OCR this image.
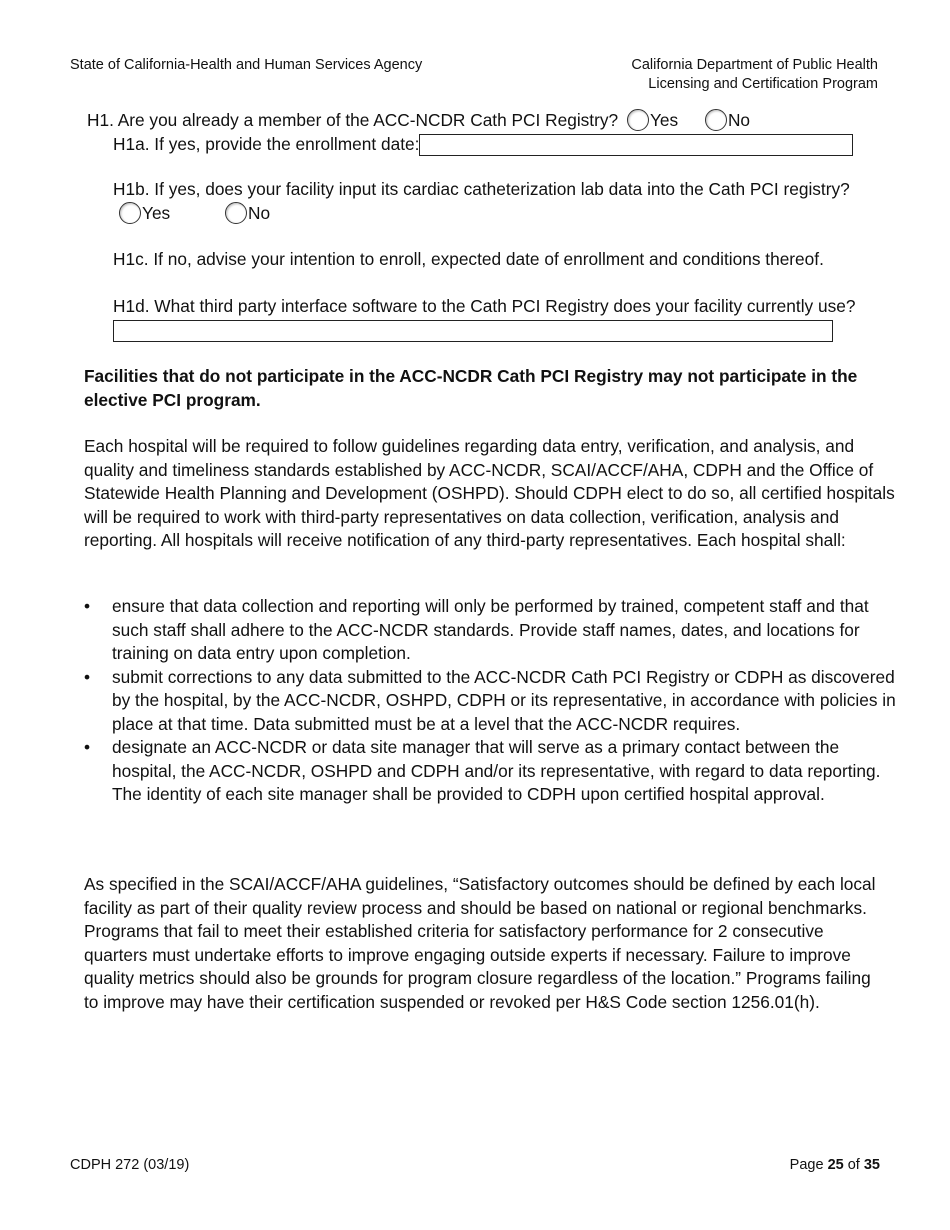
State of California-Health and Human Services Agency	California Department of Public Health
Licensing and Certification Program
H1. Are you already a member of the ACC-NCDR Cath PCI Registry? Yes	No
H1a. If yes, provide the enrollment date:
H1b. If yes, does your facility input its cardiac catheterization lab data into the Cath PCI registry? Yes	No
H1c. If no, advise your intention to enroll, expected date of enrollment and conditions thereof.
H1d. What third party interface software to the Cath PCI Registry does your facility currently use?

Facilities that do not participate in the ACC-NCDR Cath PCI Registry may not participate in the elective PCI program.

Each hospital will be required to follow guidelines regarding data entry, verification, and analysis, and quality and timeliness standards established by ACC-NCDR, SCAI/ACCF/AHA, CDPH and the Office of Statewide Health Planning and Development (OSHPD). Should CDPH elect to do so, all certified hospitals will be required to work with third-party representatives on data collection, verification, analysis and reporting. All hospitals will receive notification of any third-party representatives. Each hospital shall:

• ensure that data collection and reporting will only be performed by trained, competent staff and that such staff shall adhere to the ACC-NCDR standards. Provide staff names, dates, and locations for training on data entry upon completion.
• submit corrections to any data submitted to the ACC-NCDR Cath PCI Registry or CDPH as discovered by the hospital, by the ACC-NCDR, OSHPD, CDPH or its representative, in accordance with policies in place at that time. Data submitted must be at a level that the ACC-NCDR requires.
• designate an ACC-NCDR or data site manager that will serve as a primary contact between the hospital, the ACC-NCDR, OSHPD and CDPH and/or its representative, with regard to data reporting. The identity of each site manager shall be provided to CDPH upon certified hospital approval.

As specified in the SCAI/ACCF/AHA guidelines, “Satisfactory outcomes should be defined by each local facility as part of their quality review process and should be based on national or regional benchmarks. Programs that fail to meet their established criteria for satisfactory performance for 2 consecutive quarters must undertake efforts to improve engaging outside experts if necessary. Failure to improve quality metrics should also be grounds for program closure regardless of the location.” Programs failing to improve may have their certification suspended or revoked per H&S Code section 1256.01(h).

CDPH 272 (03/19)	Page 25 of 35
